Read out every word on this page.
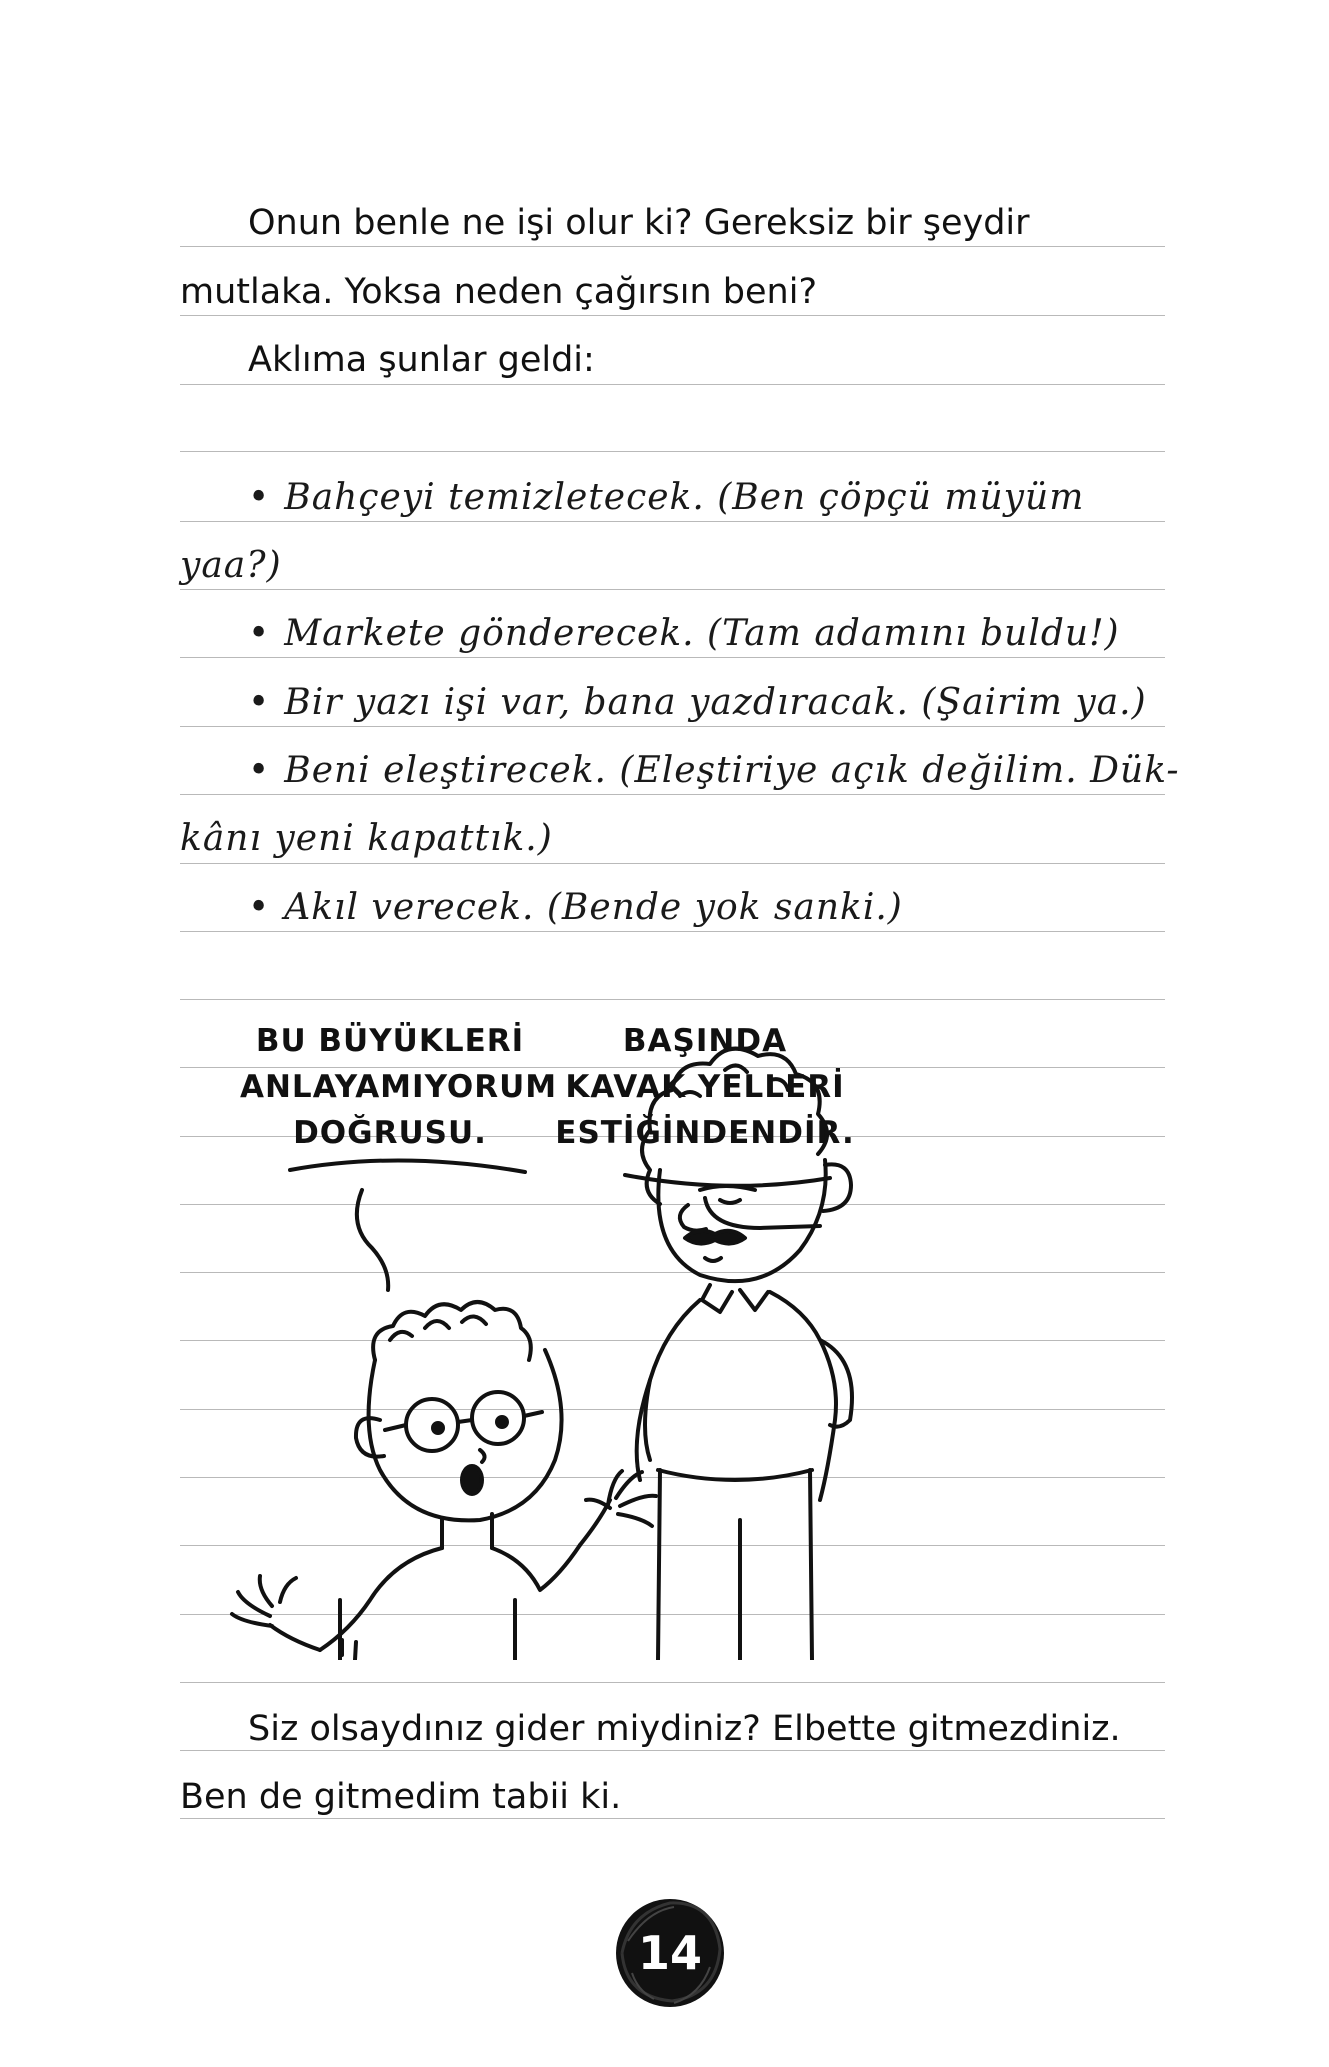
Onun benle ne işi olur ki? Gereksiz bir şeydir
mutlaka. Yoksa neden çağırsın beni?
Aklıma şunlar geldi:
• Bahçeyi temizletecek. (Ben çöpçü müyüm
yaa?)
• Markete gönderecek. (Tam adamını buldu!)
• Bir yazı işi var, bana yazdıracak. (Şairim ya.)
• Beni eleştirecek. (Eleştiriye açık değilim. Dük-
kânı yeni kapattık.)
• Akıl verecek. (Bende yok sanki.)
BU BÜYÜKLERİ
ANLAYAMIYORUM
DOĞRUSU.
BAŞINDA
KAVAK YELLERİ
ESTİĞİNDENDİR.
Siz olsaydınız gider miydiniz? Elbette gitmezdiniz.
Ben de gitmedim tabii ki.
14
